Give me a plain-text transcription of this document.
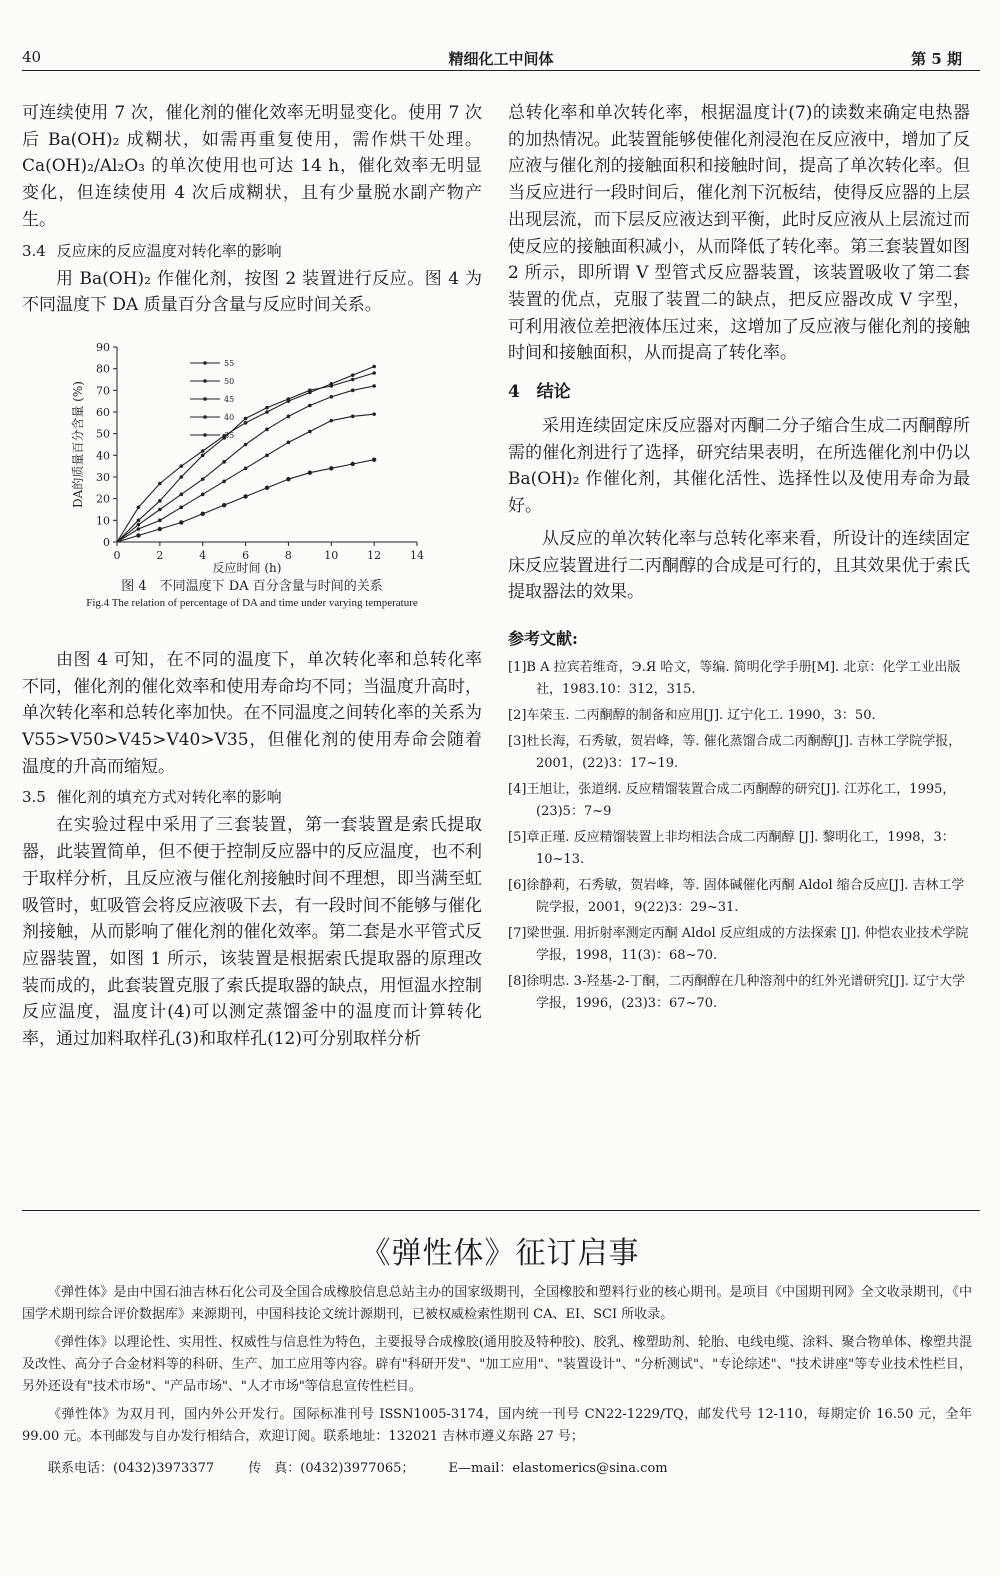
40	精细化工中间体	第 5 期

可连续使用 7 次，催化剂的催化效率无明显变化。使用 7 次后 Ba(OH)₂ 成糊状，如需再重复使用，需作烘干处理。Ca(OH)₂/Al₂O₃ 的单次使用也可达 14 h，催化效率无明显变化，但连续使用 4 次后成糊状，且有少量脱水副产物产生。

3.4 反应床的反应温度对转化率的影响

用 Ba(OH)₂ 作催化剂，按图 2 装置进行反应。图 4 为不同温度下 DA 质量百分含量与反应时间关系。

0
10
20
30
40
50
60
70
80
90
0	2	4	6	8	10	12	14
反应时间 (h)
DA的质量百分含量 (%)
55
50
45
40
35
图 4　不同温度下 DA 百分含量与时间的关系
Fig.4 The relation of percentage of DA and time under varying temperature

由图 4 可知，在不同的温度下，单次转化率和总转化率不同，催化剂的催化效率和使用寿命均不同；当温度升高时，单次转化率和总转化率加快。在不同温度之间转化率的关系为 V55>V50>V45>V40>V35，但催化剂的使用寿命会随着温度的升高而缩短。

3.5 催化剂的填充方式对转化率的影响

在实验过程中采用了三套装置，第一套装置是索氏提取器，此装置简单，但不便于控制反应器中的反应温度，也不利于取样分析，且反应液与催化剂接触时间不理想，即当满至虹吸管时，虹吸管会将反应液吸下去，有一段时间不能够与催化剂接触，从而影响了催化剂的催化效率。第二套是水平管式反应器装置，如图 1 所示，该装置是根据索氏提取器的原理改装而成的，此套装置克服了索氏提取器的缺点，用恒温水控制反应温度，温度计(4)可以测定蒸馏釜中的温度而计算转化率，通过加料取样孔(3)和取样孔(12)可分别取样分析

总转化率和单次转化率，根据温度计(7)的读数来确定电热器的加热情况。此装置能够使催化剂浸泡在反应液中，增加了反应液与催化剂的接触面积和接触时间，提高了单次转化率。但当反应进行一段时间后，催化剂下沉板结，使得反应器的上层出现层流，而下层反应液达到平衡，此时反应液从上层流过而使反应的接触面积减小，从而降低了转化率。第三套装置如图 2 所示，即所谓 V 型管式反应器装置，该装置吸收了第二套装置的优点，克服了装置二的缺点，把反应器改成 V 字型，可利用液位差把液体压过来，这增加了反应液与催化剂的接触时间和接触面积，从而提高了转化率。

4 结论

采用连续固定床反应器对丙酮二分子缩合生成二丙酮醇所需的催化剂进行了选择，研究结果表明，在所选催化剂中仍以 Ba(OH)₂ 作催化剂，其催化活性、选择性以及使用寿命为最好。

从反应的单次转化率与总转化率来看，所设计的连续固定床反应装置进行二丙酮醇的合成是可行的，且其效果优于索氏提取器法的效果。

参考文献:

[1]B A 拉宾若维奇，Э.Я 哈文，等编. 简明化学手册[M]. 北京：化学工业出版社，1983.10：312，315.

[2]车荣玉. 二丙酮醇的制备和应用[J]. 辽宁化工. 1990，3：50.

[3]杜长海，石秀敏，贺岩峰，等. 催化蒸馏合成二丙酮醇[J]. 吉林工学院学报，2001，(22)3：17~19.

[4]王旭让，张道纲. 反应精馏装置合成二丙酮醇的研究[J]. 江苏化工，1995，(23)5：7~9

[5]章正瑾. 反应精馏装置上非均相法合成二丙酮醇 [J]. 黎明化工，1998，3：10~13.

[6]徐静莉，石秀敏，贺岩峰，等. 固体碱催化丙酮 Aldol 缩合反应[J]. 吉林工学院学报，2001，9(22)3：29~31.

[7]梁世强. 用折射率测定丙酮 Aldol 反应组成的方法探索 [J]. 仲恺农业技术学院学报，1998，11(3)：68~70.

[8]徐明忠. 3-羟基-2-丁酮，二丙酮醇在几种溶剂中的红外光谱研究[J]. 辽宁大学学报，1996，(23)3：67~70.

《弹性体》征订启事

《弹性体》是由中国石油吉林石化公司及全国合成橡胶信息总站主办的国家级期刊，全国橡胶和塑料行业的核心期刊。是项目《中国期刊网》全文收录期刊，《中国学术期刊综合评价数据库》来源期刊，中国科技论文统计源期刊，已被权威检索性期刊 CA、EI、SCI 所收录。

《弹性体》以理论性、实用性、权威性与信息性为特色，主要报导合成橡胶(通用胶及特种胶)、胶乳、橡塑助剂、轮胎、电线电缆、涂料、聚合物单体、橡塑共混及改性、高分子合金材料等的科研、生产、加工应用等内容。辟有"科研开发"、"加工应用"、"装置设计"、"分析测试"、"专论综述"、"技术讲座"等专业技术性栏目，另外还设有"技术市场"、"产品市场"、"人才市场"等信息宣传性栏目。

《弹性体》为双月刊，国内外公开发行。国际标准刊号 ISSN1005-3174，国内统一刊号 CN22-1229/TQ，邮发代号 12-110，每期定价 16.50 元，全年 99.00 元。本刊邮发与自办发行相结合，欢迎订阅。联系地址：132021 吉林市遵义东路 27 号；

联系电话：(0432)3973377	传　真：(0432)3977065；	E—mail：elastomerics@sina.com
